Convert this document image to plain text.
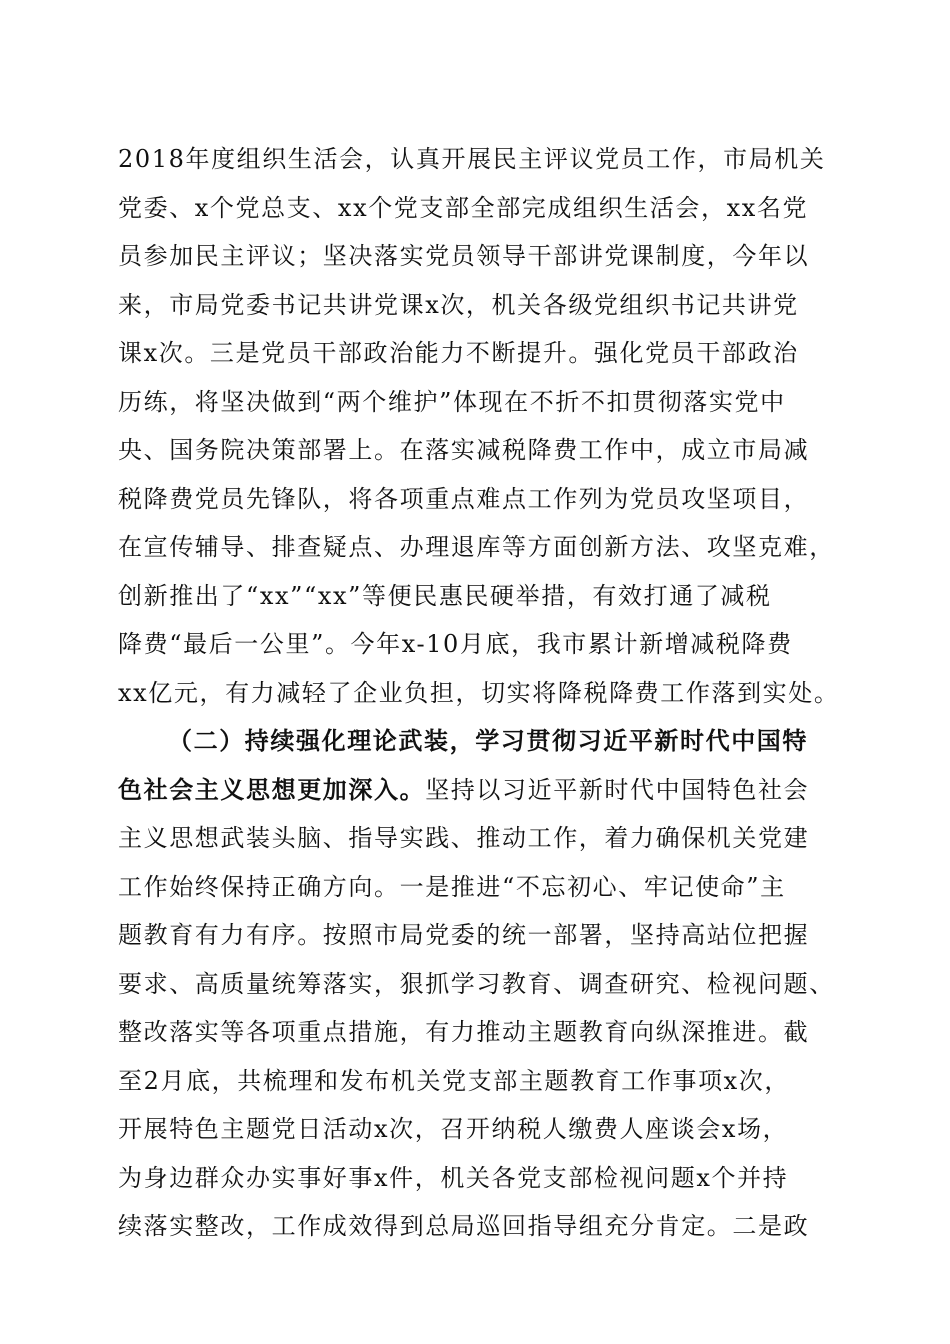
2018年度组织生活会，认真开展民主评议党员工作，市局机关
党委、x个党总支、xx个党支部全部完成组织生活会，xx名党
员参加民主评议；坚决落实党员领导干部讲党课制度，今年以
来，市局党委书记共讲党课x次，机关各级党组织书记共讲党
课x次。三是党员干部政治能力不断提升。强化党员干部政治
历练，将坚决做到“两个维护”体现在不折不扣贯彻落实党中
央、国务院决策部署上。在落实减税降费工作中，成立市局减
税降费党员先锋队，将各项重点难点工作列为党员攻坚项目，
在宣传辅导、排查疑点、办理退库等方面创新方法、攻坚克难，
创新推出了“xx”“xx”等便民惠民硬举措，有效打通了减税
降费“最后一公里”。今年x-10月底，我市累计新增减税降费
xx亿元，有力减轻了企业负担，切实将降税降费工作落到实处。
（二）持续强化理论武装，学习贯彻习近平新时代中国特
色社会主义思想更加深入。坚持以习近平新时代中国特色社会
主义思想武装头脑、指导实践、推动工作，着力确保机关党建
工作始终保持正确方向。一是推进“不忘初心、牢记使命”主
题教育有力有序。按照市局党委的统一部署，坚持高站位把握
要求、高质量统筹落实，狠抓学习教育、调查研究、检视问题、
整改落实等各项重点措施，有力推动主题教育向纵深推进。截
至2月底，共梳理和发布机关党支部主题教育工作事项x次，
开展特色主题党日活动x次，召开纳税人缴费人座谈会x场，
为身边群众办实事好事x件，机关各党支部检视问题x个并持
续落实整改，工作成效得到总局巡回指导组充分肯定。二是政
